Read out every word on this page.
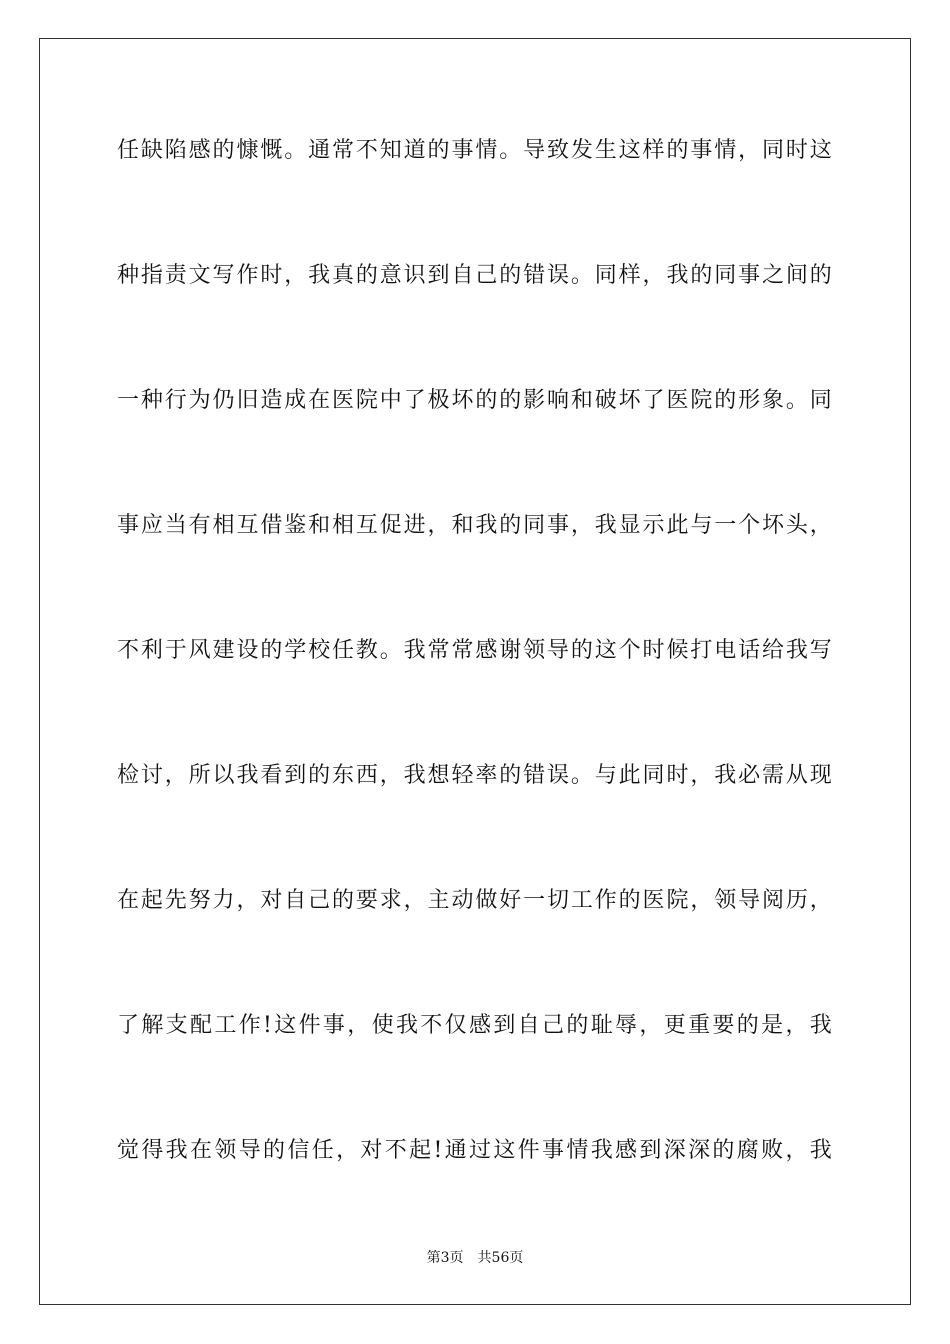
任缺陷感的慷慨。通常不知道的事情。导致发生这样的事情，同时这
种指责文写作时，我真的意识到自己的错误。同样，我的同事之间的
一种行为仍旧造成在医院中了极坏的的影响和破坏了医院的形象。同
事应当有相互借鉴和相互促进，和我的同事，我显示此与一个坏头，
不利于风建设的学校任教。我常常感谢领导的这个时候打电话给我写
检讨，所以我看到的东西，我想轻率的错误。与此同时，我必需从现
在起先努力，对自己的要求，主动做好一切工作的医院，领导阅历，
了解支配工作!这件事，使我不仅感到自己的耻辱，更重要的是，我
觉得我在领导的信任，对不起!通过这件事情我感到深深的腐败，我
第3页 共56页
